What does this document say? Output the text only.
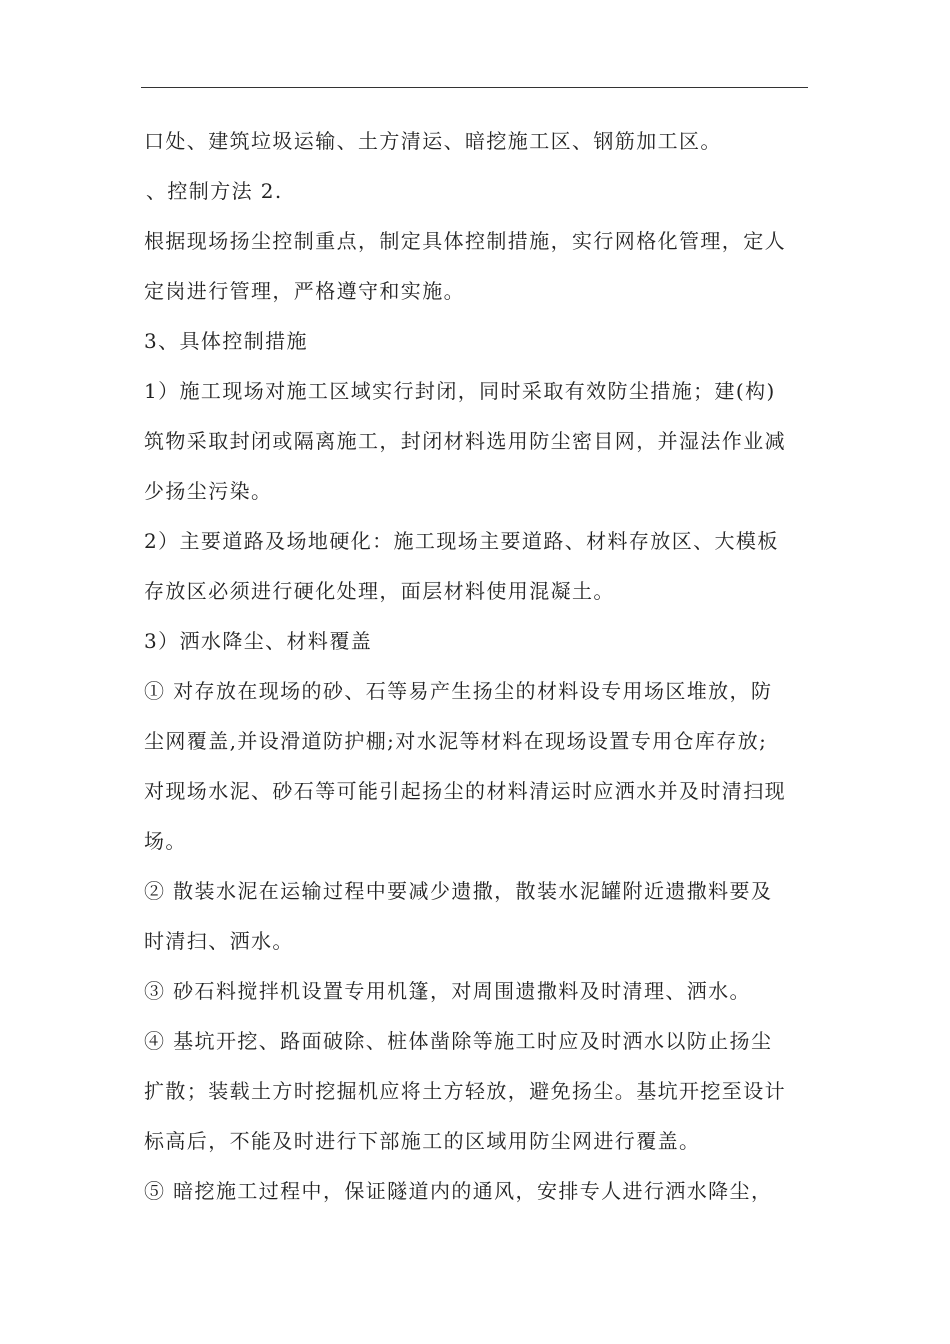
口处、建筑垃圾运输、土方清运、暗挖施工区、钢筋加工区。
、控制方法 2.
根据现场扬尘控制重点，制定具体控制措施，实行网格化管理，定人
定岗进行管理，严格遵守和实施。
3、具体控制措施
1）施工现场对施工区域实行封闭，同时采取有效防尘措施；建(构)
筑物采取封闭或隔离施工，封闭材料选用防尘密目网，并湿法作业减
少扬尘污染。
2）主要道路及场地硬化：施工现场主要道路、材料存放区、大模板
存放区必须进行硬化处理，面层材料使用混凝土。
3）洒水降尘、材料覆盖
① 对存放在现场的砂、石等易产生扬尘的材料设专用场区堆放，防
尘网覆盖,并设滑道防护棚;对水泥等材料在现场设置专用仓库存放;
对现场水泥、砂石等可能引起扬尘的材料清运时应洒水并及时清扫现
场。
② 散装水泥在运输过程中要减少遗撒，散装水泥罐附近遗撒料要及
时清扫、洒水。
③ 砂石料搅拌机设置专用机篷，对周围遗撒料及时清理、洒水。
④ 基坑开挖、路面破除、桩体凿除等施工时应及时洒水以防止扬尘
扩散；装载土方时挖掘机应将土方轻放，避免扬尘。基坑开挖至设计
标高后，不能及时进行下部施工的区域用防尘网进行覆盖。
⑤ 暗挖施工过程中，保证隧道内的通风，安排专人进行洒水降尘，
